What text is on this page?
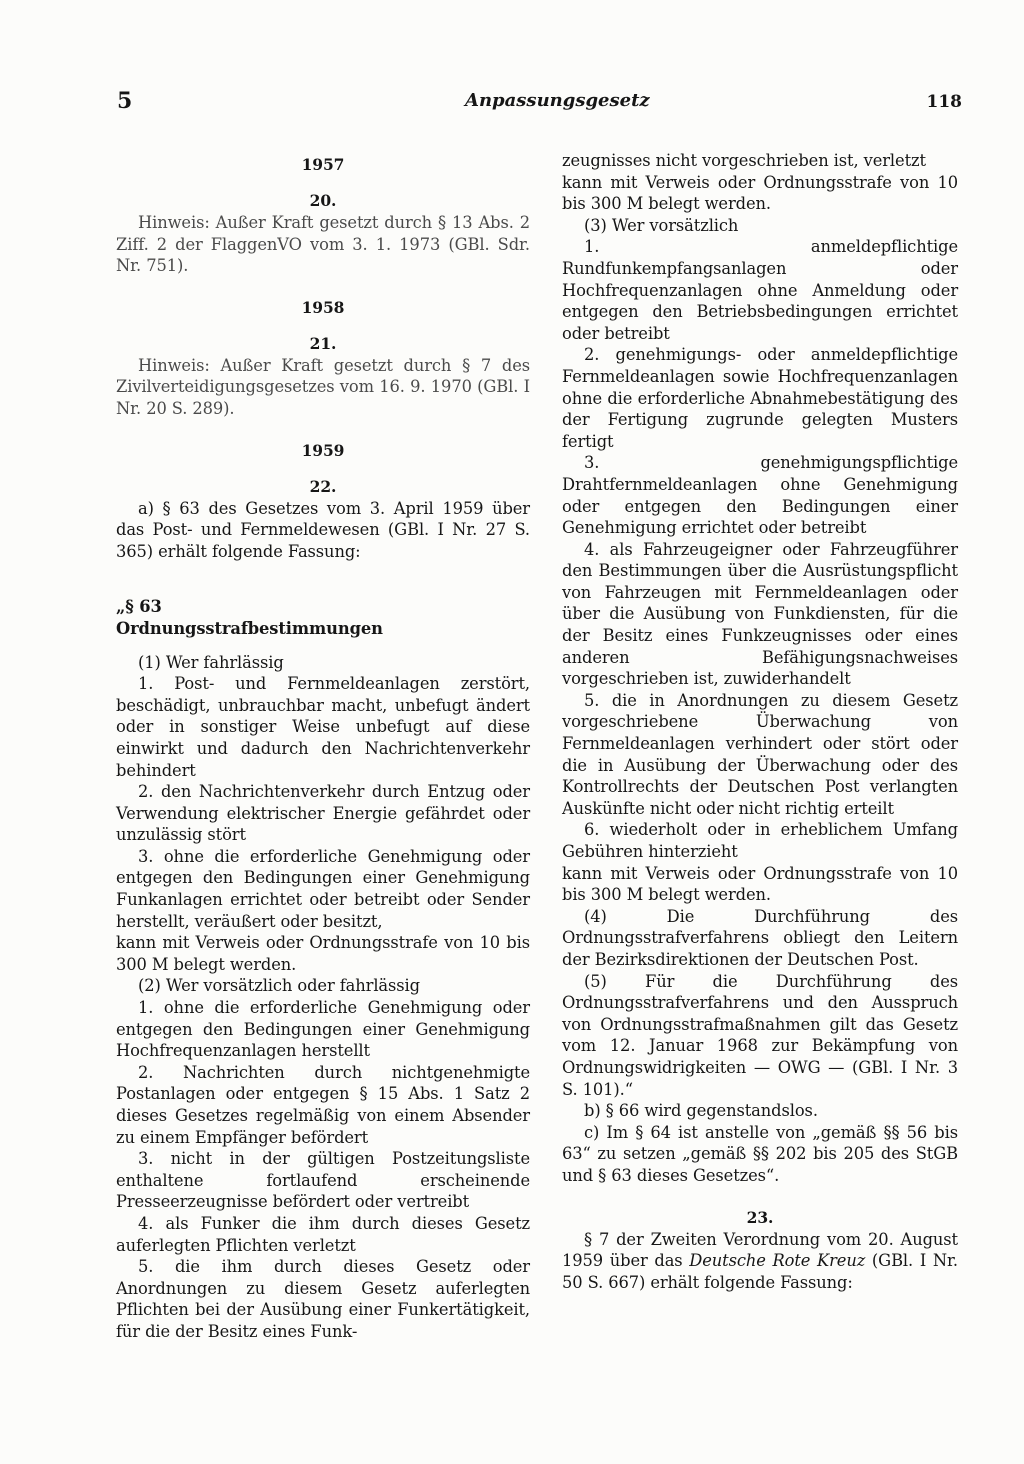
5	Anpassungsgesetz	118
1957
20.

Hinweis: Außer Kraft gesetzt durch § 13 Abs. 2 Ziff. 2 der FlaggenVO vom 3. 1. 1973 (GBl. Sdr. Nr. 751).

1958
21.

Hinweis: Außer Kraft gesetzt durch § 7 des Zivilverteidigungsgesetzes vom 16. 9. 1970 (GBl. I Nr. 20 S. 289).

1959
22.

a) § 63 des Gesetzes vom 3. April 1959 über das Post- und Fernmeldewesen (GBl. I Nr. 27 S. 365) erhält folgende Fassung:

„§ 63

Ordnungsstrafbestimmungen

(1) Wer fahrlässig

1. Post- und Fernmeldeanlagen zerstört, beschädigt, unbrauchbar macht, unbefugt ändert oder in sonstiger Weise unbefugt auf diese einwirkt und dadurch den Nachrichtenverkehr behindert

2. den Nachrichtenverkehr durch Entzug oder Verwendung elektrischer Energie gefährdet oder unzulässig stört

3. ohne die erforderliche Genehmigung oder entgegen den Bedingungen einer Genehmigung Funkanlagen errichtet oder betreibt oder Sender herstellt, veräußert oder besitzt,

kann mit Verweis oder Ordnungsstrafe von 10 bis 300 M belegt werden.

(2) Wer vorsätzlich oder fahrlässig

1. ohne die erforderliche Genehmigung oder entgegen den Bedingungen einer Genehmigung Hochfrequenzanlagen herstellt

2. Nachrichten durch nichtgenehmigte Postanlagen oder entgegen § 15 Abs. 1 Satz 2 dieses Gesetzes regelmäßig von einem Absender zu einem Empfänger befördert

3. nicht in der gültigen Postzeitungsliste enthaltene fortlaufend erscheinende Presseerzeugnisse befördert oder vertreibt

4. als Funker die ihm durch dieses Gesetz auferlegten Pflichten verletzt

5. die ihm durch dieses Gesetz oder Anordnungen zu diesem Gesetz auferlegten Pflichten bei der Ausübung einer Funkertätigkeit, für die der Besitz eines Funk-

zeugnisses nicht vorgeschrieben ist, verletzt

kann mit Verweis oder Ordnungsstrafe von 10 bis 300 M belegt werden.

(3) Wer vorsätzlich

1. anmeldepflichtige Rundfunkempfangsanlagen oder Hochfrequenzanlagen ohne Anmeldung oder entgegen den Betriebsbedingungen errichtet oder betreibt

2. genehmigungs- oder anmeldepflichtige Fernmeldeanlagen sowie Hochfrequenzanlagen ohne die erforderliche Abnahmebestätigung des der Fertigung zugrunde gelegten Musters fertigt

3. genehmigungspflichtige Drahtfernmeldeanlagen ohne Genehmigung oder entgegen den Bedingungen einer Genehmigung errichtet oder betreibt

4. als Fahrzeugeigner oder Fahrzeugführer den Bestimmungen über die Ausrüstungspflicht von Fahrzeugen mit Fernmeldeanlagen oder über die Ausübung von Funkdiensten, für die der Besitz eines Funkzeugnisses oder eines anderen Befähigungsnachweises vorgeschrieben ist, zuwiderhandelt

5. die in Anordnungen zu diesem Gesetz vorgeschriebene Überwachung von Fernmeldeanlagen verhindert oder stört oder die in Ausübung der Überwachung oder des Kontrollrechts der Deutschen Post verlangten Auskünfte nicht oder nicht richtig erteilt

6. wiederholt oder in erheblichem Umfang Gebühren hinterzieht

kann mit Verweis oder Ordnungsstrafe von 10 bis 300 M belegt werden.

(4) Die Durchführung des Ordnungsstrafverfahrens obliegt den Leitern der Bezirksdirektionen der Deutschen Post.

(5) Für die Durchführung des Ordnungsstrafverfahrens und den Ausspruch von Ordnungsstrafmaßnahmen gilt das Gesetz vom 12. Januar 1968 zur Bekämpfung von Ordnungswidrigkeiten — OWG — (GBl. I Nr. 3 S. 101).“

b) § 66 wird gegenstandslos.

c) Im § 64 ist anstelle von „gemäß §§ 56 bis 63“ zu setzen „gemäß §§ 202 bis 205 des StGB und § 63 dieses Gesetzes“.

23.

§ 7 der Zweiten Verordnung vom 20. August 1959 über das Deutsche Rote Kreuz (GBl. I Nr. 50 S. 667) erhält folgende Fassung:
